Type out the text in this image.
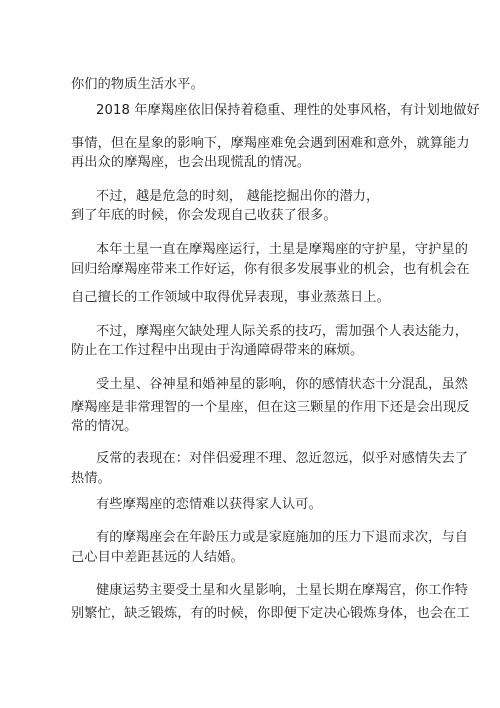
你们的物质生活水平。
2018 年摩羯座依旧保持着稳重、理性的处事风格，有计划地做好
事情，但在星象的影响下，摩羯座难免会遇到困难和意外，就算能力
再出众的摩羯座，也会出现慌乱的情况。
不过，越是危急的时刻， 越能挖掘出你的潜力，
到了年底的时候，你会发现自己收获了很多。
本年土星一直在摩羯座运行，土星是摩羯座的守护星，守护星的
回归给摩羯座带来工作好运，你有很多发展事业的机会，也有机会在
自己擅长的工作领域中取得优异表现，事业蒸蒸日上。
不过，摩羯座欠缺处理人际关系的技巧，需加强个人表达能力，
防止在工作过程中出现由于沟通障碍带来的麻烦。
受土星、谷神星和婚神星的影响，你的感情状态十分混乱，虽然
摩羯座是非常理智的一个星座，但在这三颗星的作用下还是会出现反
常的情况。
反常的表现在：对伴侣爱理不理、忽近忽远，似乎对感情失去了
热情。
有些摩羯座的恋情难以获得家人认可。
有的摩羯座会在年龄压力或是家庭施加的压力下退而求次，与自
己心目中差距甚远的人结婚。
健康运势主要受土星和火星影响，土星长期在摩羯宫，你工作特
别繁忙，缺乏锻炼，有的时候，你即便下定决心锻炼身体，也会在工
